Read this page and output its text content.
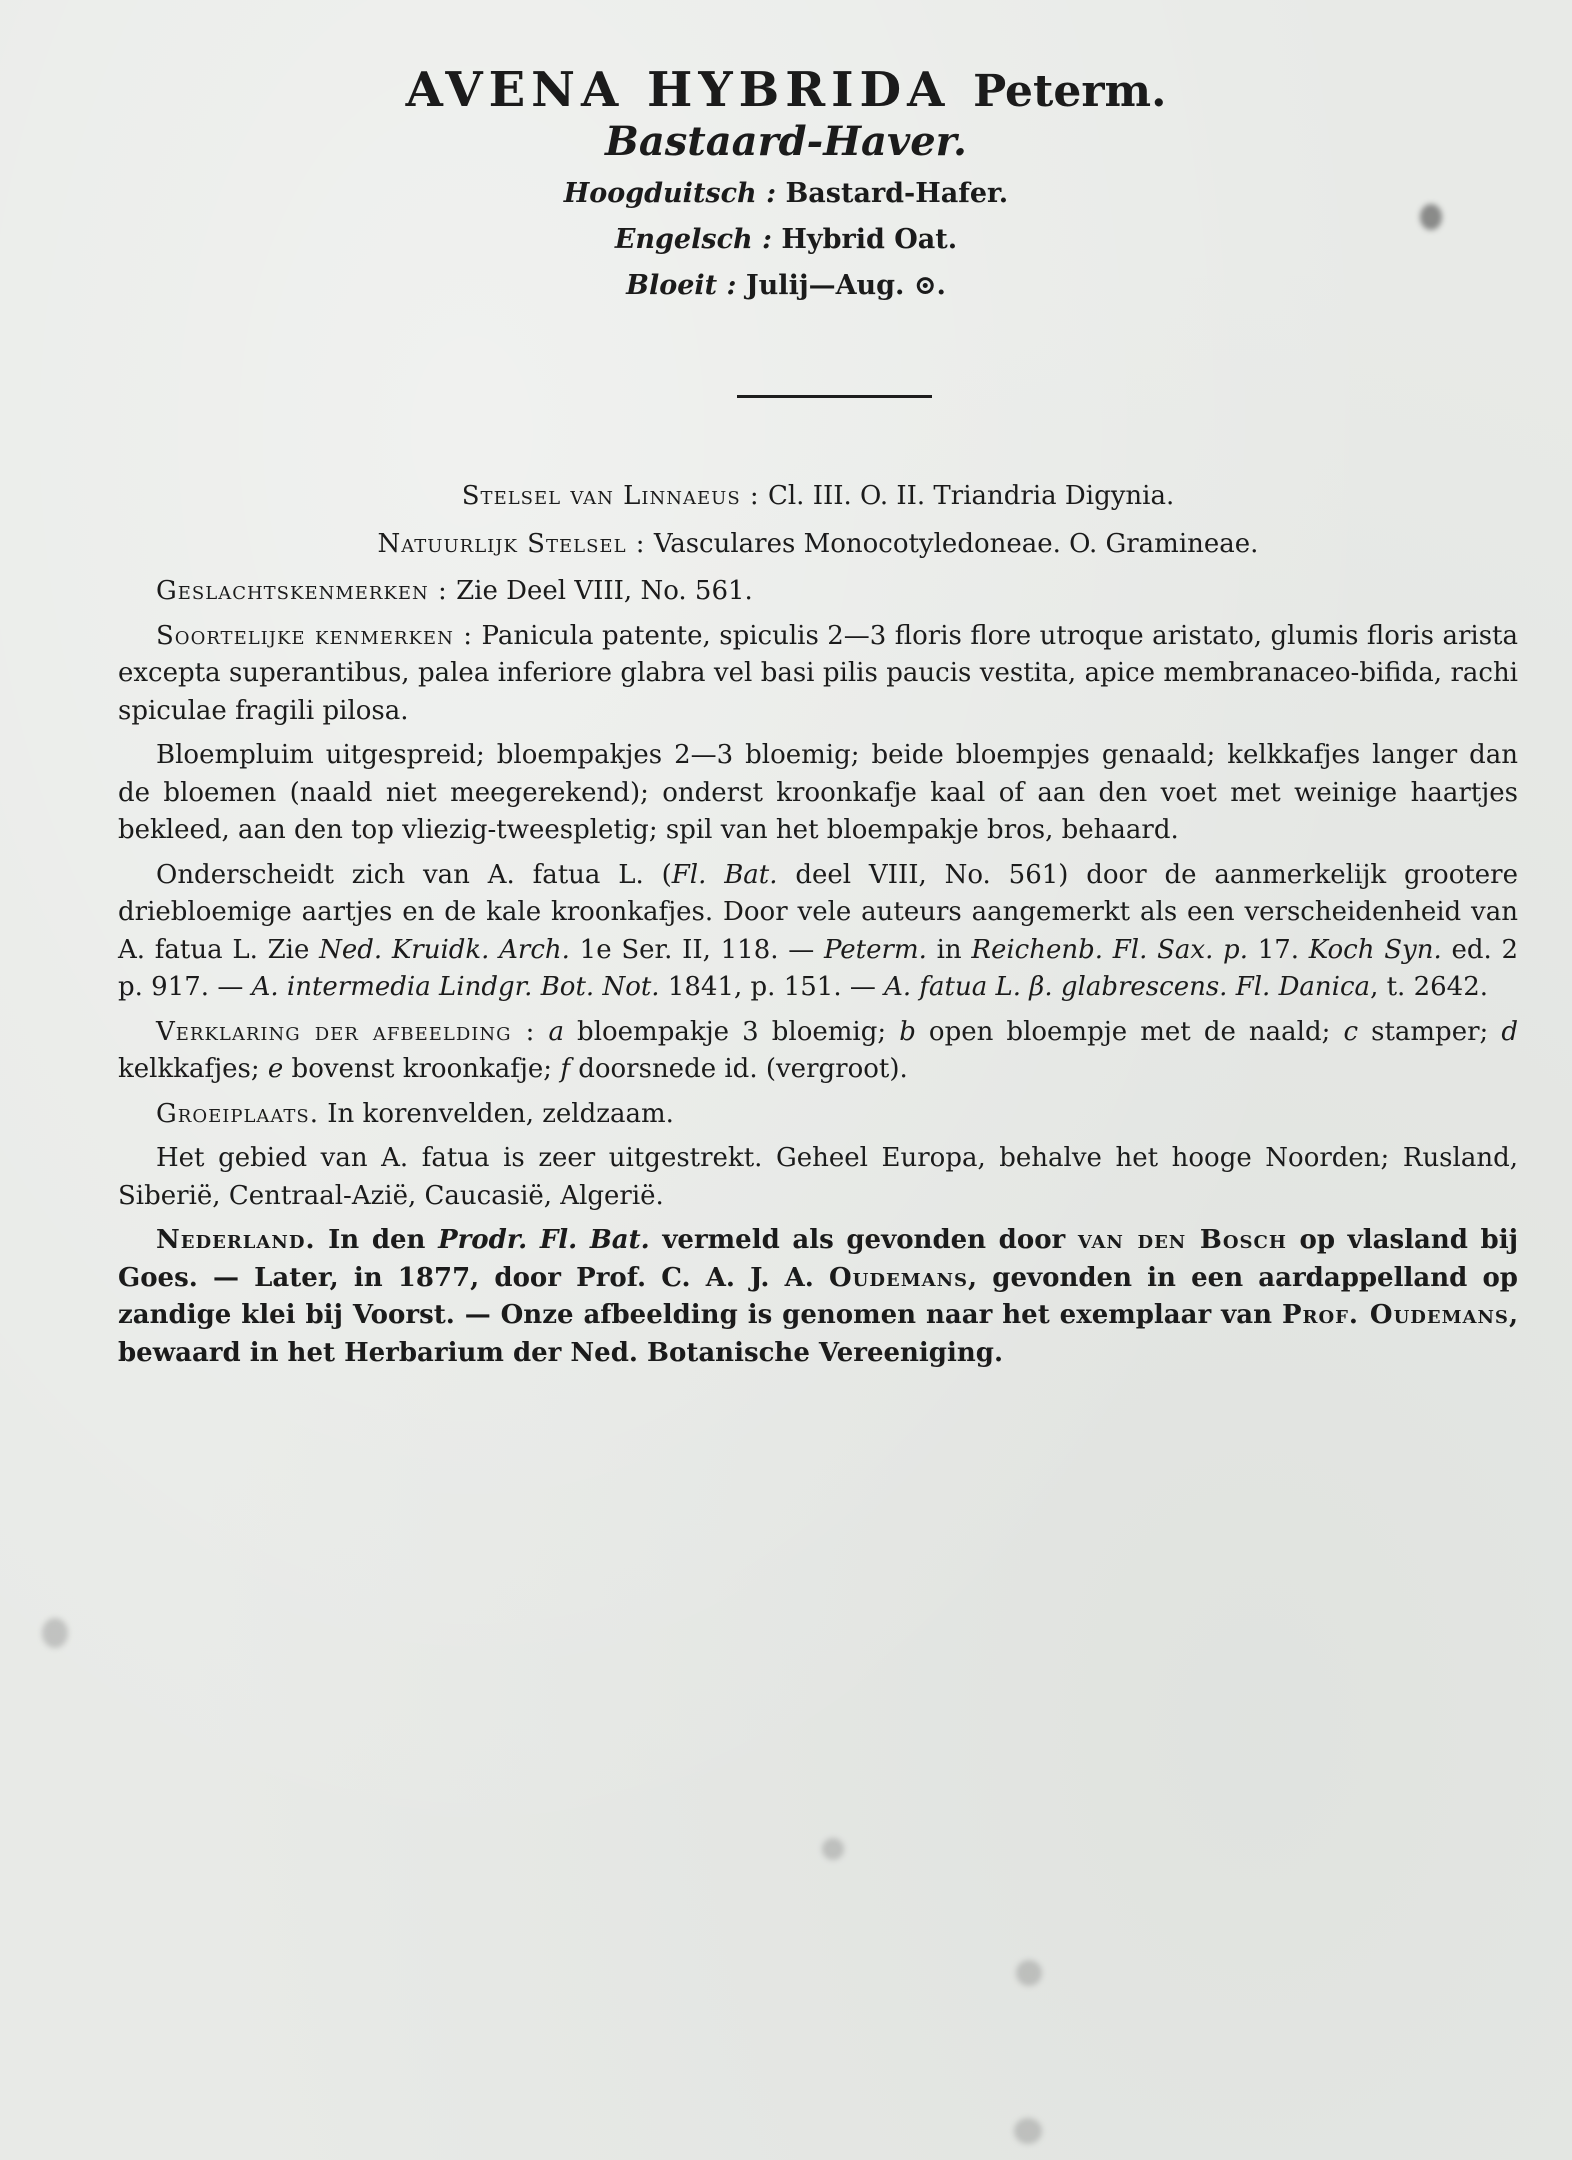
AVENA HYBRIDA Peterm.
Bastaard-Haver.
Hoogduitsch : Bastard-Hafer.
Engelsch : Hybrid Oat.
Bloeit : Julij—Aug. ⊙.

Stelsel van Linnaeus : Cl. III. O. II. Triandria Digynia.

Natuurlijk Stelsel : Vasculares Monocotyledoneae. O. Gramineae.

Geslachtskenmerken : Zie Deel VIII, No. 561.

Soortelijke kenmerken : Panicula patente, spiculis 2—3 floris flore utroque aristato, glumis floris arista excepta superantibus, palea inferiore glabra vel basi pilis paucis vestita, apice membranaceo-bifida, rachi spiculae fragili pilosa.

Bloempluim uitgespreid; bloempakjes 2—3 bloemig; beide bloempjes genaald; kelkkafjes langer dan de bloemen (naald niet meegerekend); onderst kroonkafje kaal of aan den voet met weinige haartjes bekleed, aan den top vliezig-tweespletig; spil van het bloempakje bros, behaard.

Onderscheidt zich van A. fatua L. (Fl. Bat. deel VIII, No. 561) door de aanmerkelijk grootere driebloemige aartjes en de kale kroonkafjes. Door vele auteurs aangemerkt als een verscheidenheid van A. fatua L. Zie Ned. Kruidk. Arch. 1e Ser. II, 118. — Peterm. in Reichenb. Fl. Sax. p. 17. Koch Syn. ed. 2 p. 917. — A. intermedia Lindgr. Bot. Not. 1841, p. 151. — A. fatua L. β. glabrescens. Fl. Danica, t. 2642.

Verklaring der afbeelding : a bloempakje 3 bloemig; b open bloempje met de naald; c stamper; d kelkkafjes; e bovenst kroonkafje; f doorsnede id. (vergroot).

Groeiplaats. In korenvelden, zeldzaam.

Het gebied van A. fatua is zeer uitgestrekt. Geheel Europa, behalve het hooge Noorden; Rusland, Siberië, Centraal-Azië, Caucasië, Algerië.

Nederland. In den Prodr. Fl. Bat. vermeld als gevonden door van den Bosch op vlasland bij Goes. — Later, in 1877, door Prof. C. A. J. A. Oudemans, gevonden in een aardappelland op zandige klei bij Voorst. — Onze afbeelding is genomen naar het exemplaar van Prof. Oudemans, bewaard in het Herbarium der Ned. Botanische Vereeniging.
